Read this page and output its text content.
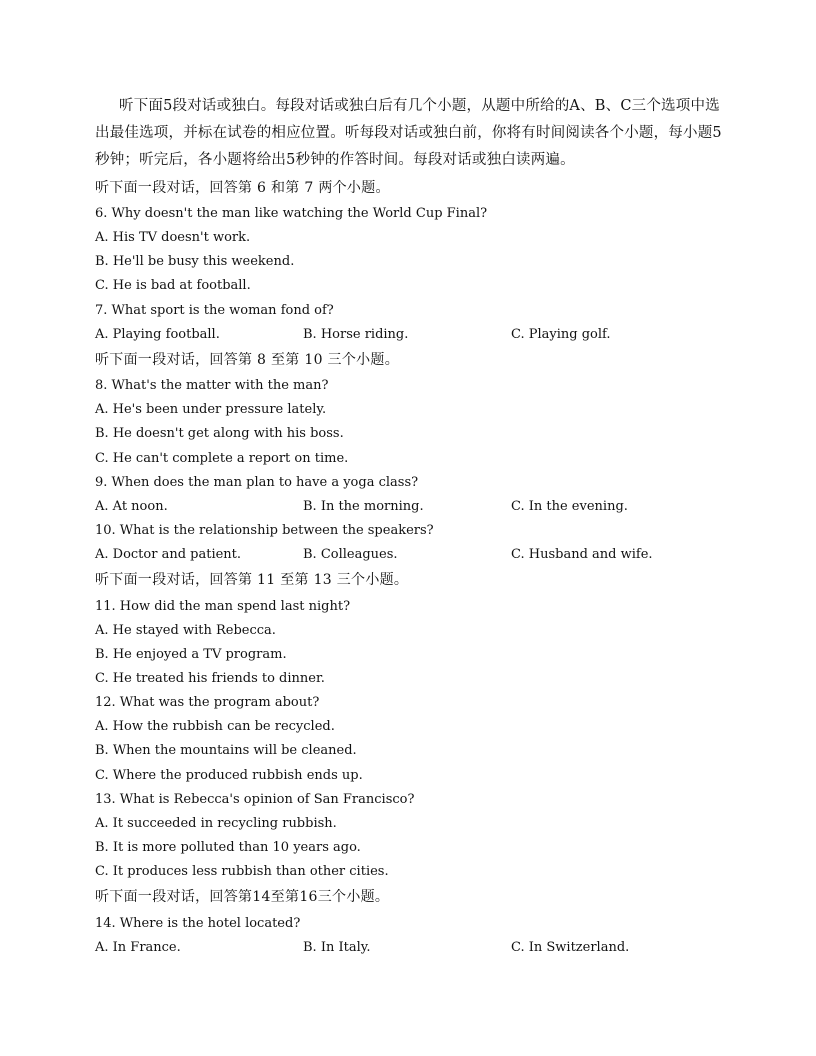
听下面5段对话或独白。每段对话或独白后有几个小题，从题中所给的A、B、C三个选项中选出最佳选项，并标在试卷的相应位置。听每段对话或独白前，你将有时间阅读各个小题，每小题5秒钟；听完后，各小题将给出5秒钟的作答时间。每段对话或独白读两遍。
听下面一段对话，回答第 6 和第 7 两个小题。
6. Why doesn't the man like watching the World Cup Final?
A. His TV doesn't work.
B. He'll be busy this weekend.
C. He is bad at football.
7. What sport is the woman fond of?
A. Playing football.	B. Horse riding.	C. Playing golf.
听下面一段对话，回答第 8 至第 10 三个小题。
8. What's the matter with the man?
A. He's been under pressure lately.
B. He doesn't get along with his boss.
C. He can't complete a report on time.
9. When does the man plan to have a yoga class?
A. At noon.	B. In the morning.	C. In the evening.
10. What is the relationship between the speakers?
A. Doctor and patient.	B. Colleagues.	C. Husband and wife.
听下面一段对话，回答第 11 至第 13 三个小题。
11. How did the man spend last night?
A. He stayed with Rebecca.
B. He enjoyed a TV program.
C. He treated his friends to dinner.
12. What was the program about?
A. How the rubbish can be recycled.
B. When the mountains will be cleaned.
C. Where the produced rubbish ends up.
13. What is Rebecca's opinion of San Francisco?
A. It succeeded in recycling rubbish.
B. It is more polluted than 10 years ago.
C. It produces less rubbish than other cities.
听下面一段对话，回答第14至第16三个小题。
14. Where is the hotel located?
A. In France.	B. In Italy.	C. In Switzerland.
